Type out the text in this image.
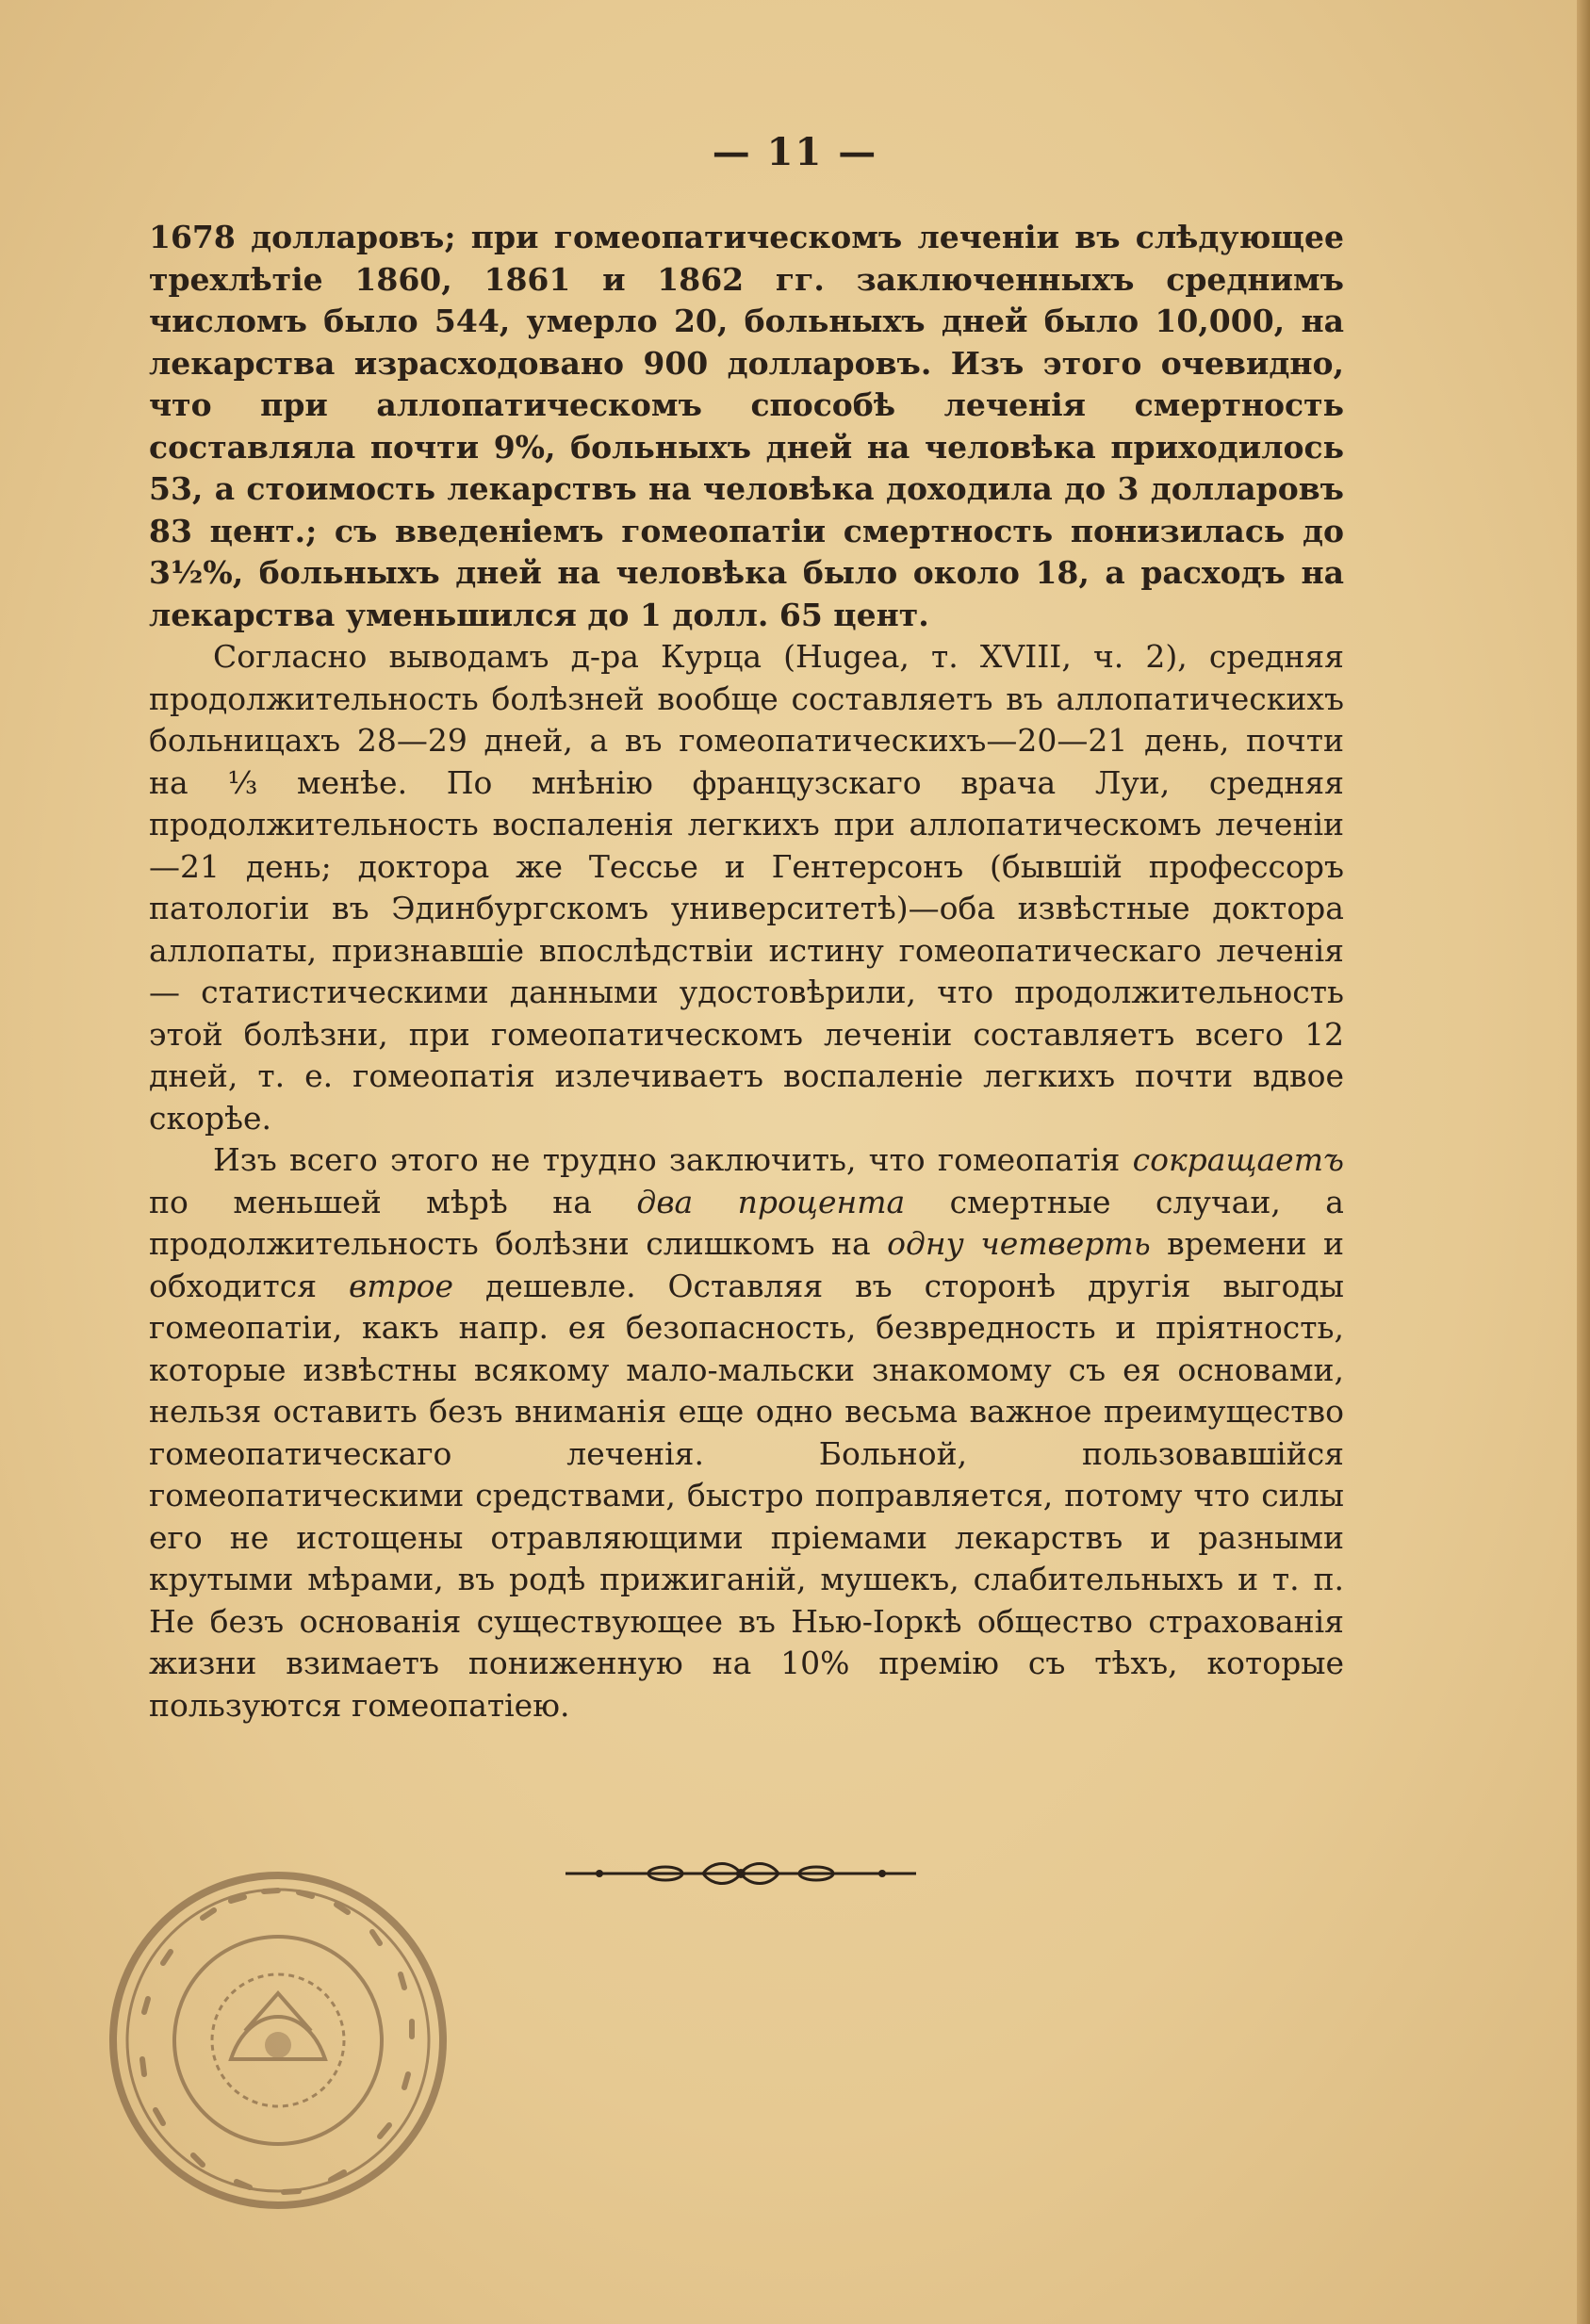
— 11 —

1678 долларовъ; при гомеопатическомъ леченiи въ слѣдующее трехлѣтiе 1860, 1861 и 1862 гг. заключенныхъ среднимъ числомъ было 544, умерло 20, больныхъ дней было 10,000, на лекарства израсходовано 900 долларовъ. Изъ этого очевидно, что при аллопатическомъ способѣ леченiя смертность составляла почти 9%, больныхъ дней на человѣка приходилось 53, а стоимость лекарствъ на человѣка доходила до 3 долларовъ 83 цент.; съ введенiемъ гомеопатiи смертность понизилась до 3½%, больныхъ дней на человѣка было около 18, а расходъ на лекарства уменьшился до 1 долл. 65 цент.

Согласно выводамъ д-ра Курца (Hugea, т. XVIII, ч. 2), средняя продолжительность болѣзней вообще составляетъ въ аллопатическихъ больницахъ 28—29 дней, а въ гомеопатическихъ—20—21 день, почти на ⅓ менѣе. По мнѣнiю французскаго врача Луи, средняя продолжительность воспаленiя легкихъ при аллопатическомъ леченiи—21 день; доктора же Тессье и Гентерсонъ (бывшiй профессоръ патологiи въ Эдинбургскомъ университетѣ)—оба извѣстные доктора аллопаты, признавшiе впослѣдствiи истину гомеопатическаго леченiя — статистическими данными удостовѣрили, что продолжительность этой болѣзни, при гомеопатическомъ леченiи составляетъ всего 12 дней, т. е. гомеопатiя излечиваетъ воспаленiе легкихъ почти вдвое скорѣе.

Изъ всего этого не трудно заключить, что гомеопатiя сокращаетъ по меньшей мѣрѣ на два процента смертные случаи, а продолжительность болѣзни слишкомъ на одну четверть времени и обходится втрое дешевле. Оставляя въ сторонѣ другiя выгоды гомеопатiи, какъ напр. ея безопасность, безвредность и прiятность, которые извѣстны всякому мало-мальски знакомому съ ея основами, нельзя оставить безъ вниманiя еще одно весьма важное преимущество гомеопатическаго леченiя. Больной, пользовавшiйся гомеопатическими средствами, быстро поправляется, потому что силы его не истощены отравляющими прiемами лекарствъ и разными крутыми мѣрами, въ родѣ прижиганiй, мушекъ, слабительныхъ и т. п. Не безъ основанiя существующее въ Нью-Iоркѣ общество страхованiя жизни взимаетъ пониженную на 10% премiю съ тѣхъ, которые пользуются гомеопатiею.
